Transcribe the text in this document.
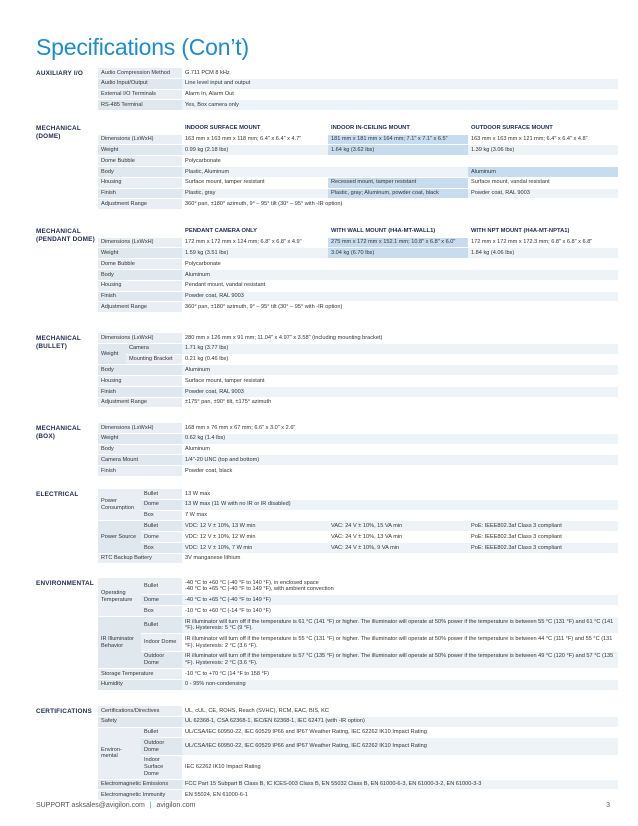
Specifications (Con’t)
AUXILIARY I/O	Audio Compression Method	G.711 PCM 8 kHz
Audio Input/Output	Line level input and output
External I/O Terminals	Alarm In, Alarm Out
RS-485 Terminal	Yes, Box camera only
MECHANICAL (DOME)
	INDOOR SURFACE MOUNT	INDOOR IN-CEILING MOUNT	OUTDOOR SURFACE MOUNT
Dimensions (LxWxH)	163 mm x 163 mm x 118 mm; 6.4" x 6.4" x 4.7"	181 mm x 181 mm x 164 mm; 7.1" x 7.1" x 6.5"	163 mm x 163 mm x 121 mm; 6.4" x 6.4" x 4.8"
Weight	0.99 kg (2.18 lbs)	1.64 kg (3.62 lbs)	1.39 kg (3.06 lbs)
Dome Bubble	Polycarbonate		
Body	Plastic, Aluminum		Aluminum
Housing	Surface mount, tamper resistant	Recessed mount, tamper resistant	Surface mount, vandal resistant
Finish	Plastic, gray	Plastic, gray; Aluminum, powder coat, black	Powder coat, RAL 9003
Adjustment Range	360° pan, ±180° azimuth, 9° – 95° tilt (30° – 95° with -IR option)		
MECHANICAL (PENDANT DOME)
	PENDANT CAMERA ONLY	WITH WALL MOUNT (H4A-MT-WALL1)	WITH NPT MOUNT (H4A-MT-NPTA1)
Dimensions (LxWxH)	172 mm x 172 mm x 124 mm; 6.8" x 6.8" x 4.9"	275 mm x 172 mm x 152.1 mm; 10.8" x 6.8" x 6.0"	172 mm x 172 mm x 172.3 mm; 6.8" x 6.8" x 6.8"
Weight	1.59 kg (3.51 lbs)	3.04 kg (6.70 lbs)	1.84 kg (4.06 lbs)
Dome Bubble	Polycarbonate		
Body	Aluminum		
Housing	Pendant mount, vandal resistant		
Finish	Powder coat, RAL 9003		
Adjustment Range	360° pan, ±180° azimuth, 9° – 95° tilt (30° – 95° with -IR option)		
MECHANICAL (BULLET)
Dimensions (LxWxH)		280 mm x 126 mm x 91 mm; 11.04" x 4.97" x 3.58" (including mounting bracket)
Weight	Camera	1.71 kg (3.77 lbs)
	Mounting Bracket	0.21 kg (0.46 lbs)
Body		Aluminum
Housing		Surface mount, tamper resistant
Finish		Powder coat, RAL 9003
Adjustment Range		±175° pan, ±90° tilt, ±175° azimuth
MECHANICAL (BOX)
Dimensions (LxWxH)	168 mm x 76 mm x 67 mm; 6.6" x 3.0" x 2.6"
Weight	0.62 kg (1.4 lbs)
Body	Aluminum
Camera Mount	1/4"-20 UNC (top and bottom)
Finish	Powder coat, black
ELECTRICAL
Power Consumption	Bullet	13 W max		
	Dome	13 W max (11 W with no IR or IR disabled)		
	Box	7 W max		
Power Source	Bullet	VDC: 12 V ± 10%, 13 W min	VAC: 24 V ± 10%, 15 VA min	PoE: IEEE802.3af Class 3 compliant
	Dome	VDC: 12 V ± 10%, 12 W min	VAC: 24 V ± 10%, 13 VA min	PoE: IEEE802.3af Class 3 compliant
	Box	VDC: 12 V ± 10%, 7 W min	VAC: 24 V ± 10%, 9 VA min	PoE: IEEE802.3af Class 3 compliant
RTC Backup Battery		3V manganese lithium		
ENVIRONMENTAL
Operating Temperature	Bullet	-40 °C to +60 °C (-40 °F to 140 °F), in enclosed space
-40 °C to +65 °C (-40 °F to 149 °F), with ambient convection
	Dome	-40 °C to +65 °C (-40 °F to 149 °F)
	Box	-10 °C to +60 °C (-14 °F to 140 °F)
IR Illuminator Behavior	Bullet	IR illuminator will turn off if the temperature is 61 °C (141 °F) or higher. The illuminator will operate at 50% power if the temperature is between 55 °C (131 °F) and 61 °C (141 °F). Hysteresis: 5 °C (9 °F).
	Indoor Dome	IR illuminator will turn off if the temperature is 55 °C (131 °F) or higher. The illuminator will operate at 50% power if the temperature is between 44 °C (111 °F) and 55 °C (131 °F). Hysteresis: 2 °C (3.6 °F).
	Outdoor Dome	IR illuminator will turn off if the temperature is 57 °C (135 °F) or higher. The illuminator will operate at 50% power if the temperature is between 49 °C (120 °F) and 57 °C (135 °F). Hysteresis: 2 °C (3.6 °F).
Storage Temperature		-10 °C to +70 °C (14 °F to 158 °F)
Humidity		0 - 95% non-condensing
CERTIFICATIONS	Certifications/Directives		UL, cUL, CE, ROHS, Reach (SVHC), RCM, EAC, BIS, KC
Safety		UL 62368-1, CSA 62368-1, IEC/EN 62368-1, IEC 62471 (with -IR option)
Environ-mental	Bullet	UL/CSA/IEC 60950-22, IEC 60529 IP66 and IP67 Weather Rating, IEC 62262 IK10 Impact Rating
	Outdoor Dome	UL/CSA/IEC 60950-22, IEC 60529 IP66 and IP67 Weather Rating, IEC 62262 IK10 Impact Rating
	Indoor Surface Dome	IEC 62262 IK10 Impact Rating
Electromagnetic Emissions		FCC Part 15 Subpart B Class B, IC ICES-003 Class B, EN 55032 Class B, EN 61000-6-3, EN 61000-3-2, EN 61000-3-3
Electromagnetic Immunity		EN 55024, EN 61000-6-1
SUPPORT asksales@avigilon.com | avigilon.com	3
